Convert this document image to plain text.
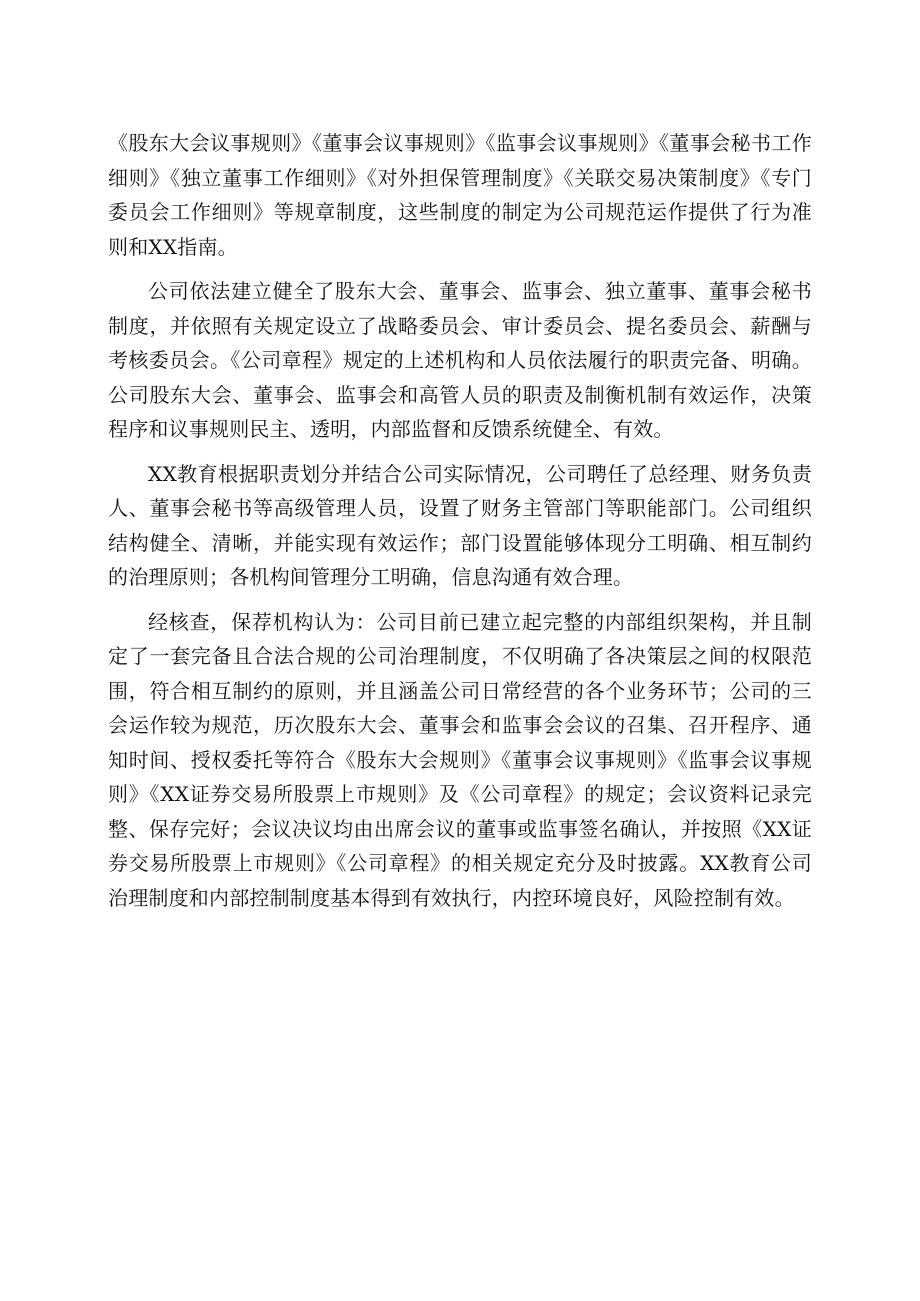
《股东大会议事规则》《董事会议事规则》《监事会议事规则》《董事会秘书工作细则》《独立董事工作细则》《对外担保管理制度》《关联交易决策制度》《专门委员会工作细则》等规章制度，这些制度的制定为公司规范运作提供了行为准则和XX指南。

公司依法建立健全了股东大会、董事会、监事会、独立董事、董事会秘书制度，并依照有关规定设立了战略委员会、审计委员会、提名委员会、薪酬与考核委员会。《公司章程》规定的上述机构和人员依法履行的职责完备、明确。公司股东大会、董事会、监事会和高管人员的职责及制衡机制有效运作，决策程序和议事规则民主、透明，内部监督和反馈系统健全、有效。

XX教育根据职责划分并结合公司实际情况，公司聘任了总经理、财务负责人、董事会秘书等高级管理人员，设置了财务主管部门等职能部门。公司组织结构健全、清晰，并能实现有效运作；部门设置能够体现分工明确、相互制约的治理原则；各机构间管理分工明确，信息沟通有效合理。

经核查，保荐机构认为：公司目前已建立起完整的内部组织架构，并且制定了一套完备且合法合规的公司治理制度，不仅明确了各决策层之间的权限范围，符合相互制约的原则，并且涵盖公司日常经营的各个业务环节；公司的三会运作较为规范，历次股东大会、董事会和监事会会议的召集、召开程序、通知时间、授权委托等符合《股东大会规则》《董事会议事规则》《监事会议事规则》《XX证券交易所股票上市规则》及《公司章程》的规定；会议资料记录完整、保存完好；会议决议均由出席会议的董事或监事签名确认，并按照《XX证券交易所股票上市规则》《公司章程》的相关规定充分及时披露。XX教育公司治理制度和内部控制制度基本得到有效执行，内控环境良好，风险控制有效。
